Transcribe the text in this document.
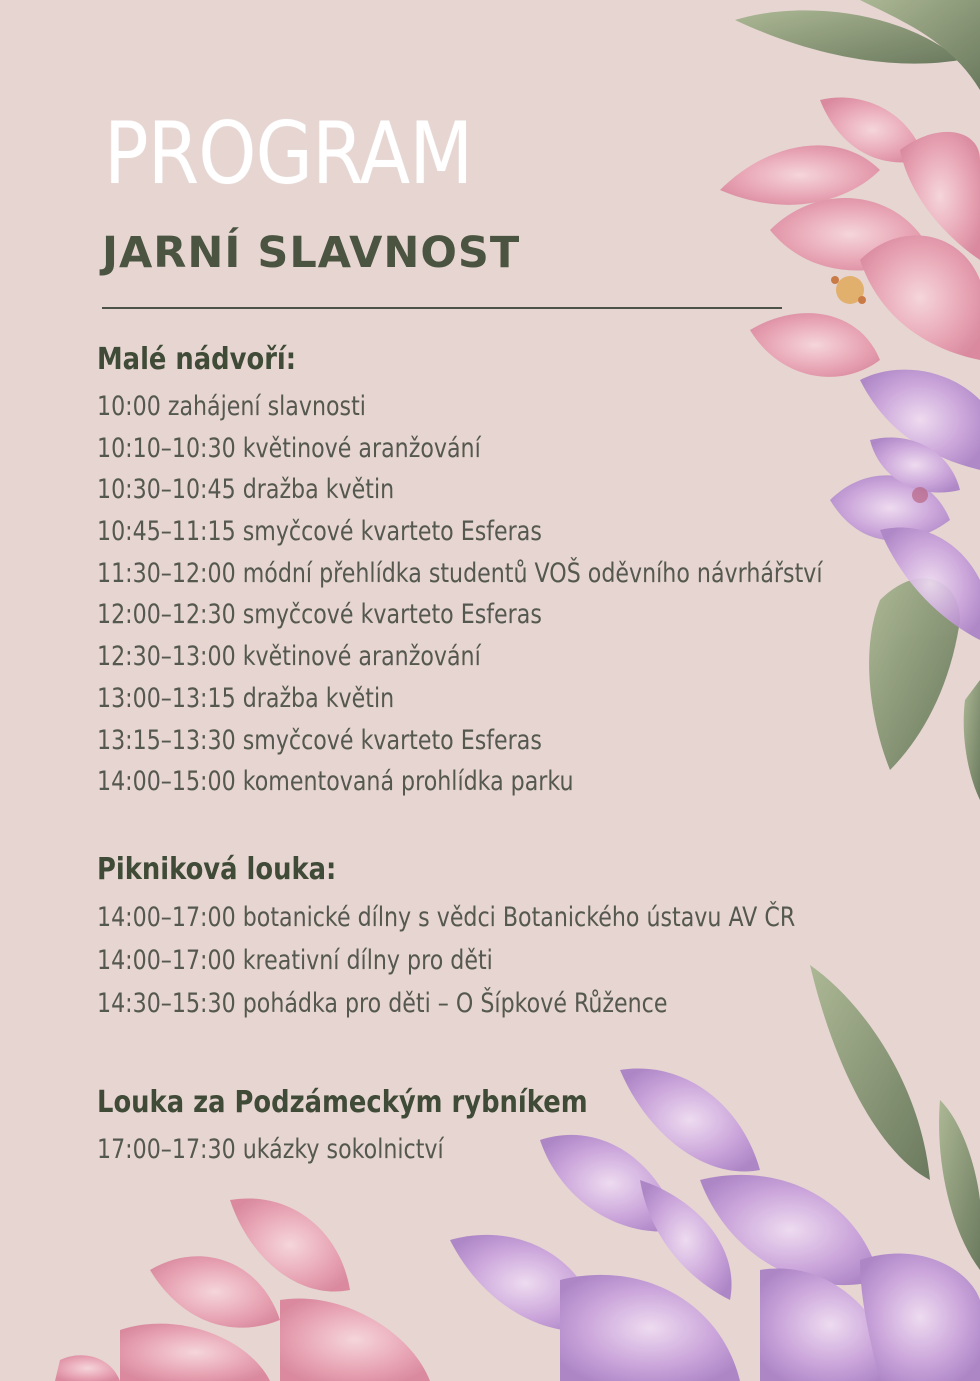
PROGRAM
JARNÍ SLAVNOST
Malé nádvoří:
10:00 zahájení slavnosti
10:10–10:30 květinové aranžování
10:30–10:45 dražba květin
10:45–11:15 smyčcové kvarteto Esferas
11:30–12:00 módní přehlídka studentů VOŠ oděvního návrhářství
12:00–12:30 smyčcové kvarteto Esferas
12:30–13:00 květinové aranžování
13:00–13:15 dražba květin
13:15–13:30 smyčcové kvarteto Esferas
14:00–15:00 komentovaná prohlídka parku
Pikniková louka:
14:00–17:00 botanické dílny s vědci Botanického ústavu AV ČR
14:00–17:00 kreativní dílny pro děti
14:30–15:30 pohádka pro děti – O Šípkové Růžence
Louka za Podzámeckým rybníkem
17:00–17:30 ukázky sokolnictví
